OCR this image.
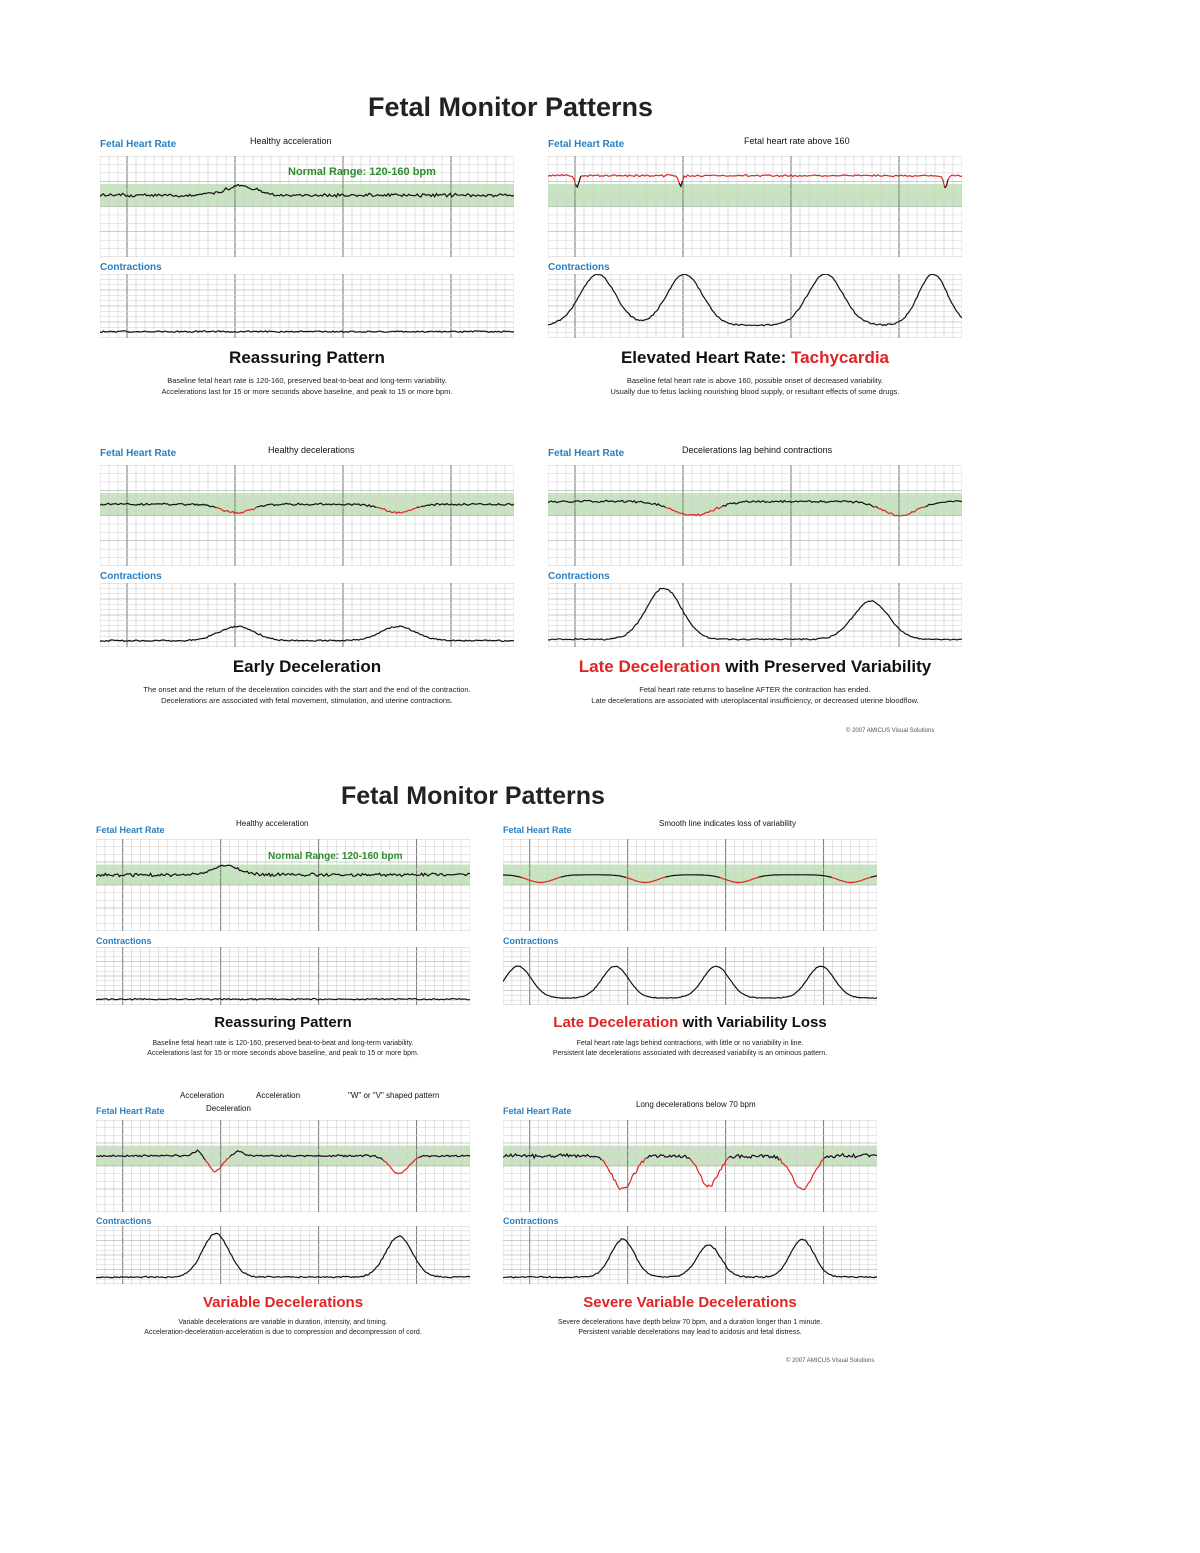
Fetal Monitor Patterns
Fetal Heart Rate	Healthy acceleration
Normal Range: 120-160 bpm
Contractions
Reassuring Pattern
Baseline fetal heart rate is 120-160, preserved beat-to-beat and long-term variability.
Accelerations last for 15 or more seconds above baseline, and peak to 15 or more bpm.
Fetal Heart Rate	Fetal heart rate above 160
Contractions
Elevated Heart Rate: Tachycardia
Baseline fetal heart rate is above 160, possible onset of decreased variability.
Usually due to fetus lacking nourishing blood supply, or resultant effects of some drugs.
Fetal Heart Rate	Healthy decelerations
Contractions
Early Deceleration
The onset and the return of the deceleration coincides with the start and the end of the contraction.
Decelerations are associated with fetal movement, stimulation, and uterine contractions.
Fetal Heart Rate	Decelerations lag behind contractions
Contractions
Late Deceleration with Preserved Variability
Fetal heart rate returns to baseline AFTER the contraction has ended.
Late decelerations are associated with uteroplacental insufficiency, or decreased uterine bloodflow.
© 2007 AMICUS Visual Solutions
Fetal Monitor Patterns
Fetal Heart Rate
Healthy acceleration
Normal Range: 120-160 bpm
Contractions
Reassuring Pattern
Baseline fetal heart rate is 120-160, preserved beat-to-beat and long-term variability.
Accelerations last for 15 or more seconds above baseline, and peak to 15 or more bpm.
Fetal Heart Rate
Smooth line indicates loss of variability
Contractions
Late Deceleration with Variability Loss
Fetal heart rate lags behind contractions, with little or no variability in line.
Persistent late decelerations associated with decreased variability is an ominous pattern.
Fetal Heart Rate
Acceleration
Deceleration
Acceleration	"W" or "V" shaped pattern
Contractions
Variable Decelerations
Variable decelerations are variable in duration, intensity, and timing.
Acceleration-deceleration-acceleration is due to compression and decompression of cord.
Fetal Heart Rate
Long decelerations below 70 bpm
Contractions
Severe Variable Decelerations
Severe decelerations have depth below 70 bpm, and a duration longer than 1 minute.
Persistent variable decelerations may lead to acidosis and fetal distress.
© 2007 AMICUS Visual Solutions
